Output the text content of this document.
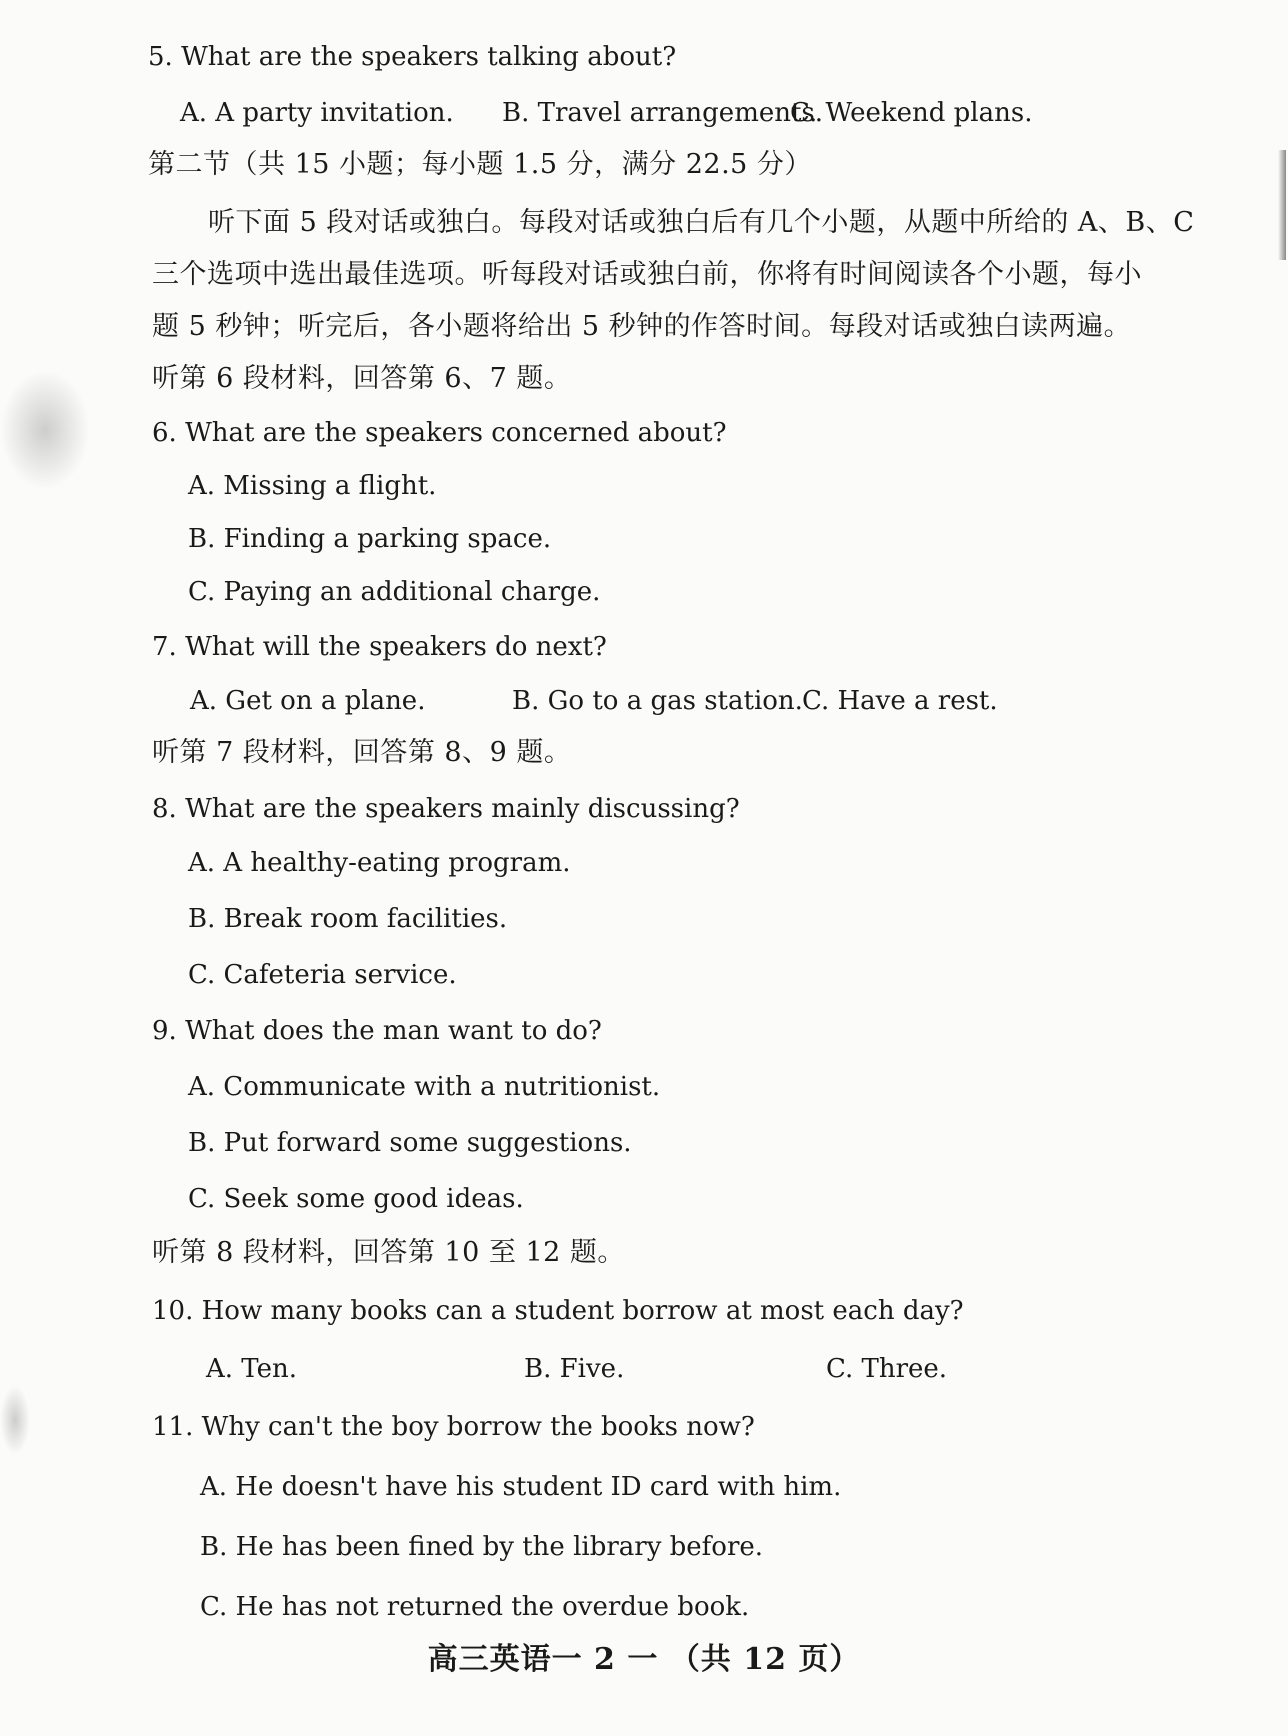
5. What are the speakers talking about?
A. A party invitation. B. Travel arrangements.
C. Weekend plans.
第二节（共 15 小题；每小题 1.5 分，满分 22.5 分）
听下面 5 段对话或独白。每段对话或独白后有几个小题，从题中所给的 A、B、C
三个选项中选出最佳选项。听每段对话或独白前，你将有时间阅读各个小题，每小
题 5 秒钟；听完后，各小题将给出 5 秒钟的作答时间。每段对话或独白读两遍。
听第 6 段材料，回答第 6、7 题。
6. What are the speakers concerned about?
A. Missing a flight.
B. Finding a parking space.
C. Paying an additional charge.
7. What will the speakers do next?
A. Get on a plane.	B. Go to a gas station. C. Have a rest.
听第 7 段材料，回答第 8、9 题。
8. What are the speakers mainly discussing?
A. A healthy-eating program.
B. Break room facilities.
C. Cafeteria service.
9. What does the man want to do?
A. Communicate with a nutritionist.
B. Put forward some suggestions.
C. Seek some good ideas.
听第 8 段材料，回答第 10 至 12 题。
10. How many books can a student borrow at most each day?
A. Ten.	B. Five.	C. Three.
11. Why can't the boy borrow the books now?
A. He doesn't have his student ID card with him.
B. He has been fined by the library before.
C. He has not returned the overdue book.
高三英语一 2 一 （共 12 页）
